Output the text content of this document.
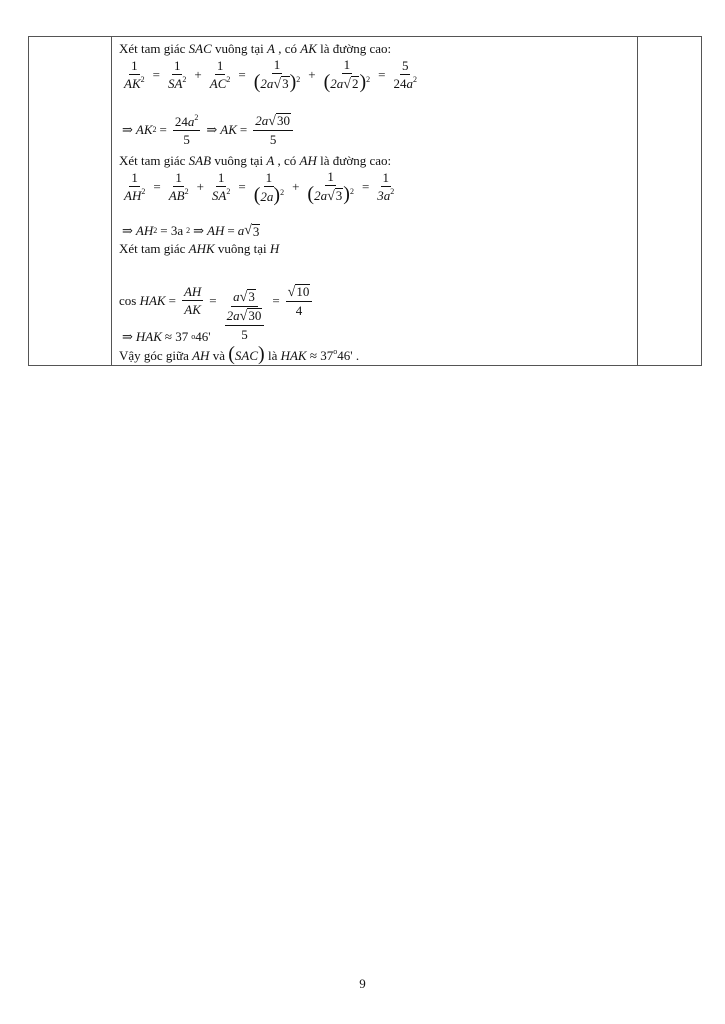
Xét tam giác SAC vuông tại A , có AK là đường cao:
$\frac{1}{AK^2} = \frac{1}{SA^2} + \frac{1}{AC^2} = \frac{1}{(2a√3)^2} + \frac{1}{(2a√2)^2} = \frac{5}{24a^2}$
⇒ AK $2 = \frac{24a^2}{5}$ ⇒ AK = $\frac{2a√30}{5}$
Xét tam giác SAB vuông tại A , có AH là đường cao:
$\frac{1}{AH^2} = \frac{1}{AB^2} + \frac{1}{SA^2} = \frac{1}{(2a)^2} + \frac{1}{(2a√3)^2} = \frac{1}{3a^2}$
⇒ AH 2 = 3a 2 ⇒ AH = a √ 3
Xét tam giác AHK vuông tại H
cos
HAK = $\frac{AH}{AK} = \frac{a√3}{\frac{2a√30}{5}} = \frac{√10}{4}$
⇒ HAK ≈ 37 o 46'
Vậy góc giữa AH và (SAC) là HAK ≈ $37^o46'$ .
9
